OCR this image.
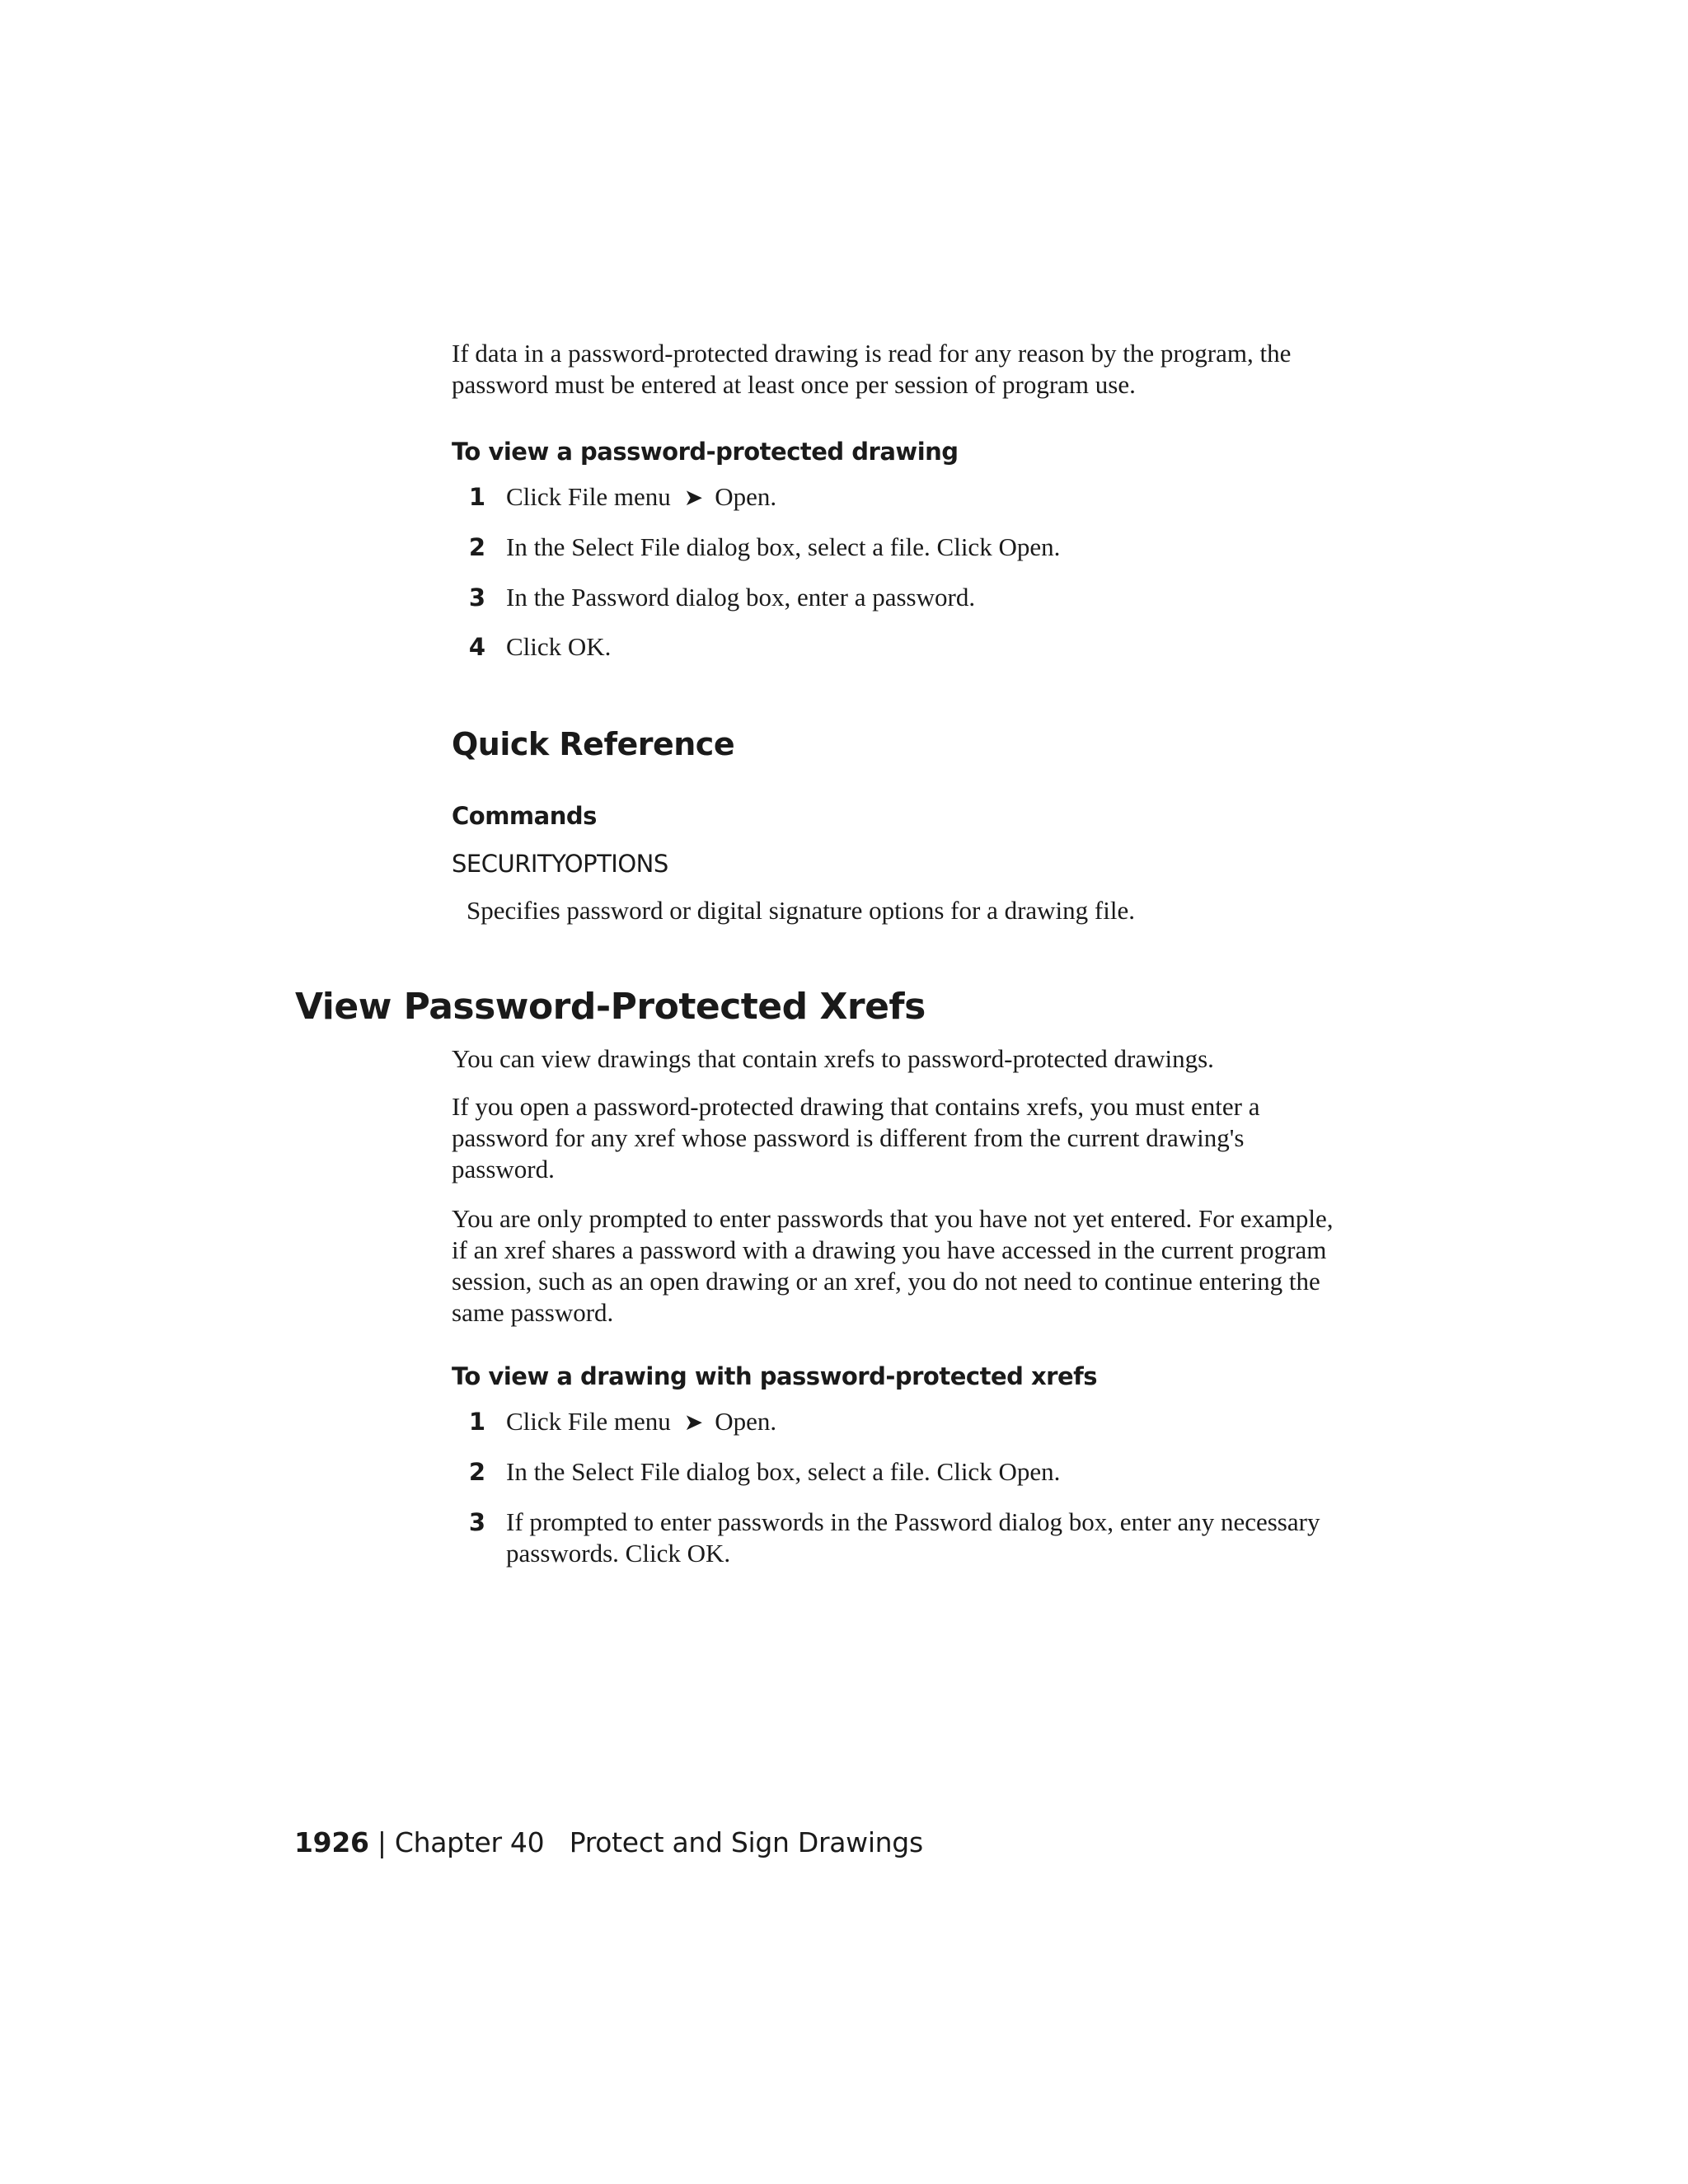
If data in a password-protected drawing is read for any reason by the program, the password must be entered at least once per session of program use.

To view a password-protected drawing
1 Click File menu ➤ Open.
2 In the Select File dialog box, select a file. Click Open.
3 In the Password dialog box, enter a password.
4 Click OK.
Quick Reference
Commands
SECURITYOPTIONS

Specifies password or digital signature options for a drawing file.

View Password-Protected Xrefs

You can view drawings that contain xrefs to password-protected drawings.

If you open a password-protected drawing that contains xrefs, you must enter a password for any xref whose password is different from the current drawing's password.

You are only prompted to enter passwords that you have not yet entered. For example, if an xref shares a password with a drawing you have accessed in the current program session, such as an open drawing or an xref, you do not need to continue entering the same password.

To view a drawing with password-protected xrefs
1 Click File menu ➤ Open.
2 In the Select File dialog box, select a file. Click Open.
3 If prompted to enter passwords in the Password dialog box, enter any necessary passwords. Click OK.
1926 | Chapter 40 Protect and Sign Drawings
